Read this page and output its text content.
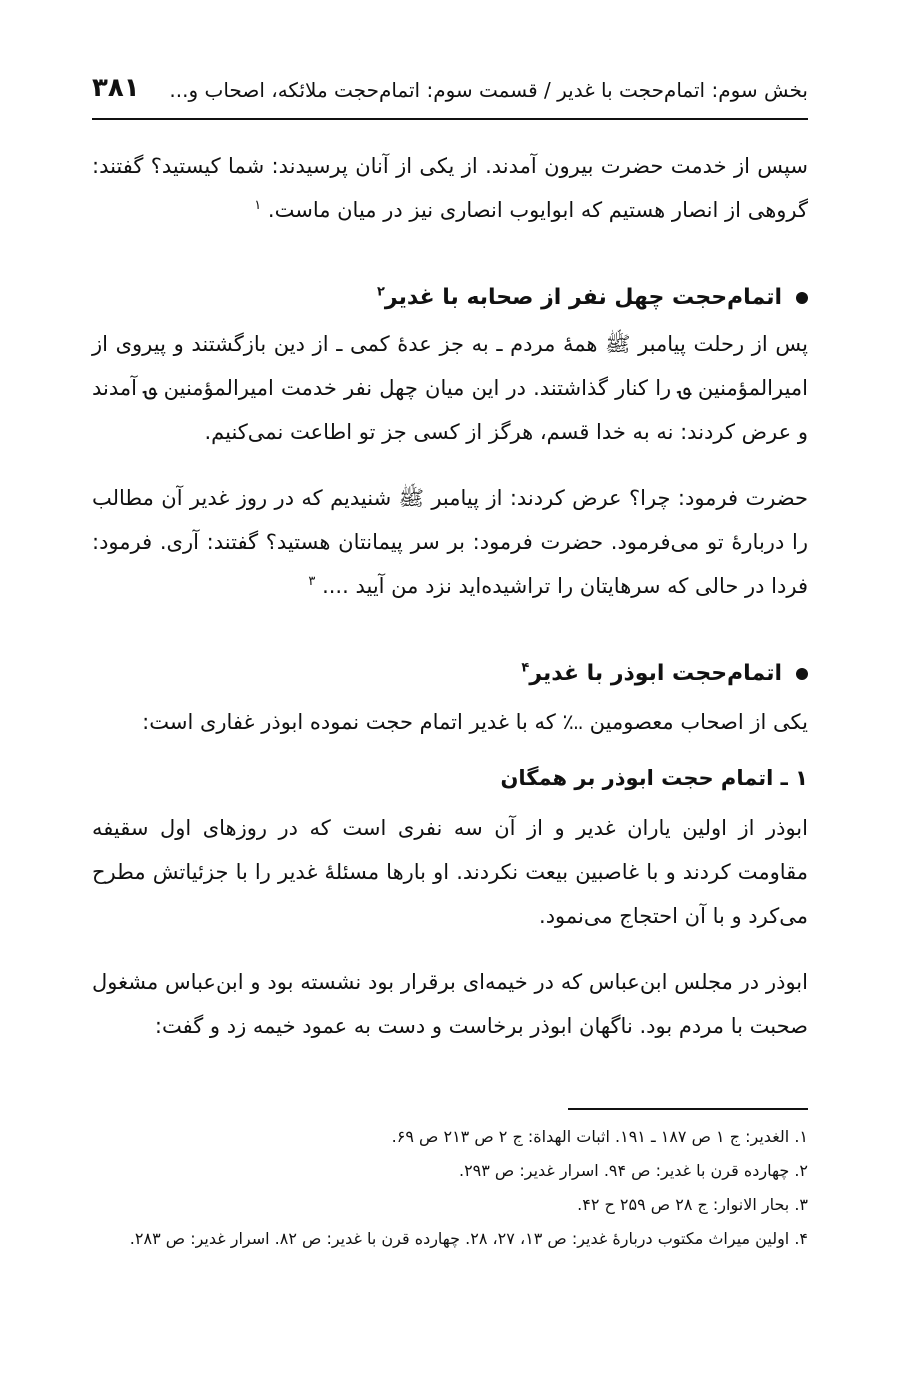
بخش سوم: اتمام‌حجت با غدیر / قسمت سوم: اتمام‌حجت ملائکه، اصحاب و...
۳۸۱
سپس از خدمت حضرت بیرون آمدند. از یکی از آنان پرسیدند: شما کیستید؟ گفتند: گروهی از انصار هستیم که ابوایوب انصاری نیز در میان ماست. $^۱$
اتمام‌حجت چهل نفر از صحابه با غدیر$^۲$
پس از رحلت پیامبر ﷺ همهٔ مردم ـ به جز عدهٔ کمی ـ از دین بازگشتند و پیروی از امیرالمؤمنین ؈ را کنار گذاشتند. در این میان چهل نفر خدمت امیرالمؤمنین ؈ آمدند و عرض کردند: نه به خدا قسم، هرگز از کسی جز تو اطاعت نمی‌کنیم.
حضرت فرمود: چرا؟ عرض کردند: از پیامبر ﷺ شنیدیم که در روز غدیر آن مطالب را دربارهٔ تو می‌فرمود. حضرت فرمود: بر سر پیمانتان هستید؟ گفتند: آری. فرمود: فردا در حالی که سرهایتان را تراشیده‌اید نزد من آیید .... $^۳$
اتمام‌حجت ابوذر با غدیر$^۴$
یکی از اصحاب معصومین ؊ که با غدیر اتمام حجت نموده ابوذر غفاری است:
۱ ـ اتمام حجت ابوذر بر همگان
ابوذر از اولین یاران غدیر و از آن سه نفری است که در روزهای اول سقیفه مقاومت کردند و با غاصبین بیعت نکردند. او بارها مسئلهٔ غدیر را با جزئیاتش مطرح می‌کرد و با آن احتجاج می‌نمود.
ابوذر در مجلس ابن‌عباس که در خیمه‌ای برقرار بود نشسته بود و ابن‌عباس مشغول صحبت با مردم بود. ناگهان ابوذر برخاست و دست به عمود خیمه زد و گفت:

۱. الغدیر: ج ۱ ص ۱۸۷ ـ ۱۹۱. اثبات الهداة: ج ۲ ص ۲۱۳ ص ۶۹.

۲. چهارده قرن با غدیر: ص ۹۴. اسرار غدیر: ص ۲۹۳.

۳. بحار الانوار: ج ۲۸ ص ۲۵۹ ح ۴۲.

۴. اولین میراث مکتوب دربارهٔ غدیر: ص ۱۳، ۲۷، ۲۸. چهارده قرن با غدیر: ص ۸۲. اسرار غدیر: ص ۲۸۳.
